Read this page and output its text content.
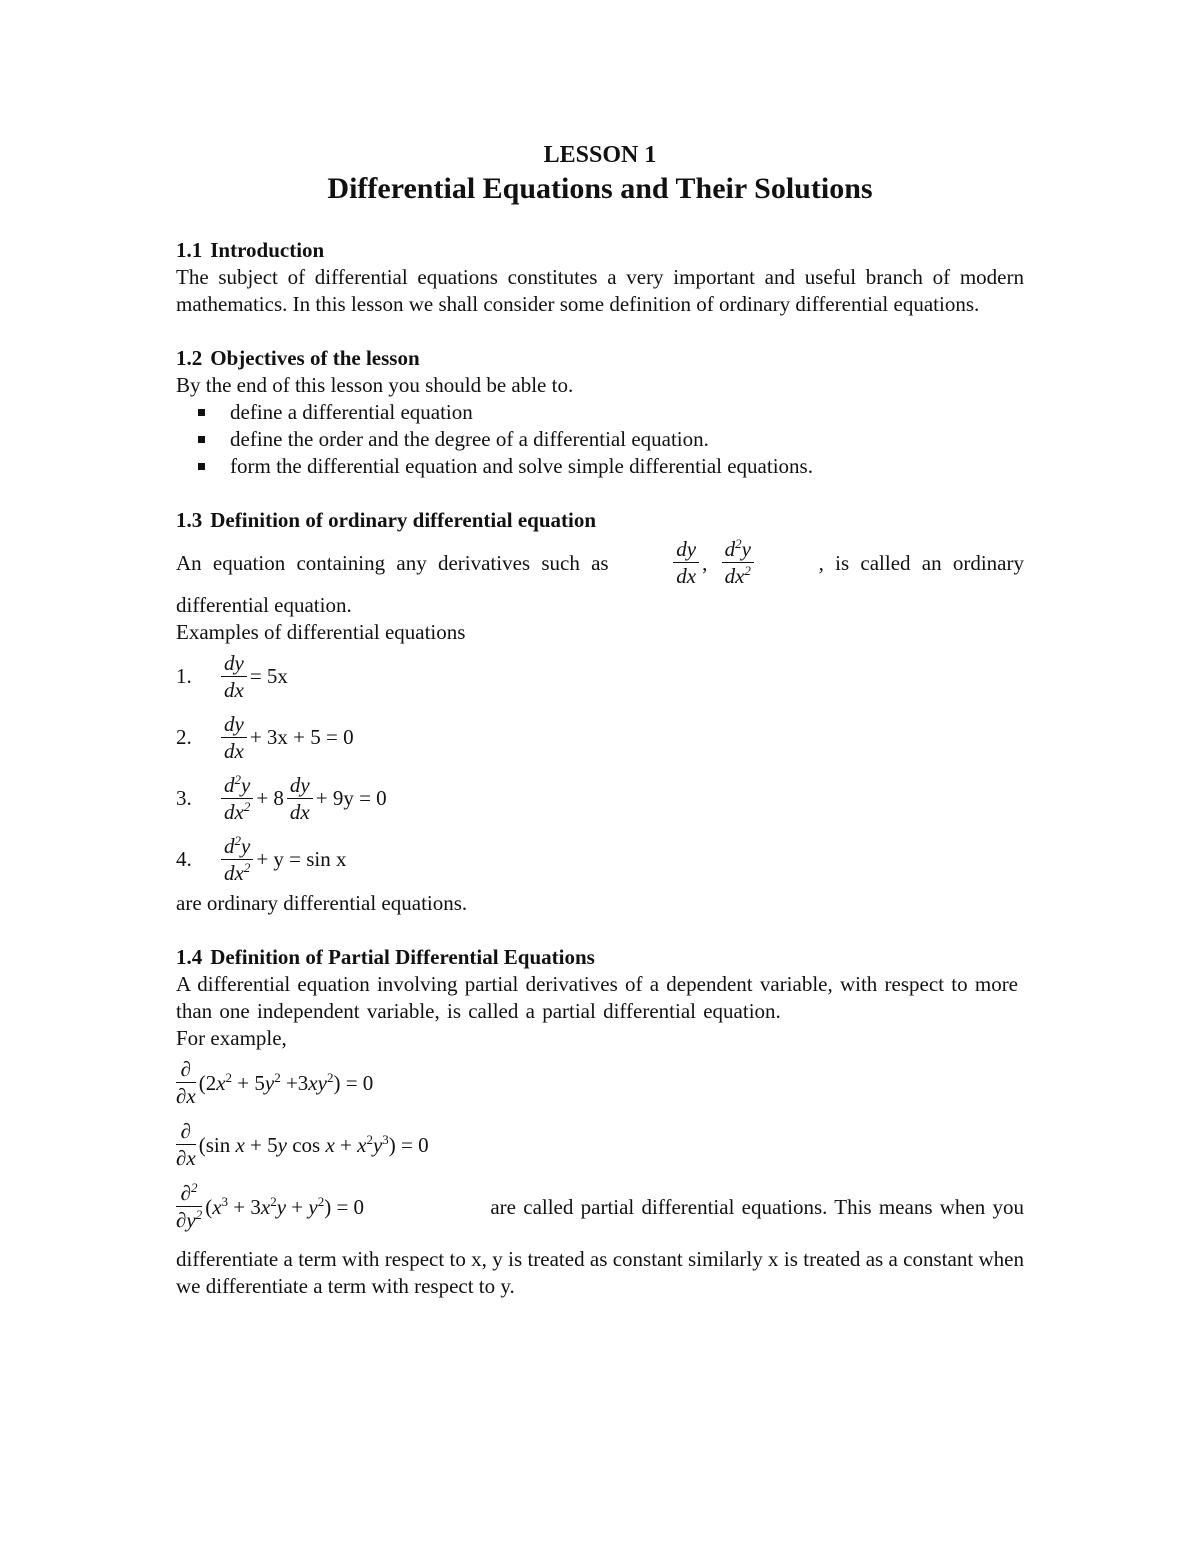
LESSON 1
Differential Equations and Their Solutions
1.1 Introduction

The subject of differential equations constitutes a very important and useful branch of modern mathematics. In this lesson we shall consider some definition of ordinary differential equations.

1.2 Objectives of the lesson

By the end of this lesson you should be able to.

define a differential equation
define the order and the degree of a differential equation.
form the differential equation and solve simple differential equations.
1.3 Definition of ordinary differential equation
An equation containing any derivatives such as	$\frac{dy}{dx}$ , $\frac{d^2y}{dx^2}$	, is called an ordinary

differential equation.

Examples of differential equations

1.	$\frac{dy}{dx} = 5x$
2.	$\frac{dy}{dx} + 3x + 5 = 0$
3.	$\frac{d^2y}{dx^2} + 8 \frac{dy}{dx} + 9y = 0$
4.	$\frac{d^2y}{dx^2} + y = \sin x$

are ordinary differential equations.

1.4 Definition of Partial Differential Equations

A differential equation involving partial derivatives of a dependent variable, with respect to more than one independent variable, is called a partial differential equation.

For example,

$\frac{\partial}{\partial x} (2x^2 + 5y^2 +3xy^2) = 0$
$\frac{\partial}{\partial x} (\sin$ x + 5y $\cos x + x^2y^3) = 0$
$\frac{\partial^2}{\partial y^2} (x^3 + 3x^2y + y^2) = 0$	are called partial differential equations. This means when you

differentiate a term with respect to x, y is treated as constant similarly x is treated as a constant when we differentiate a term with respect to y.
